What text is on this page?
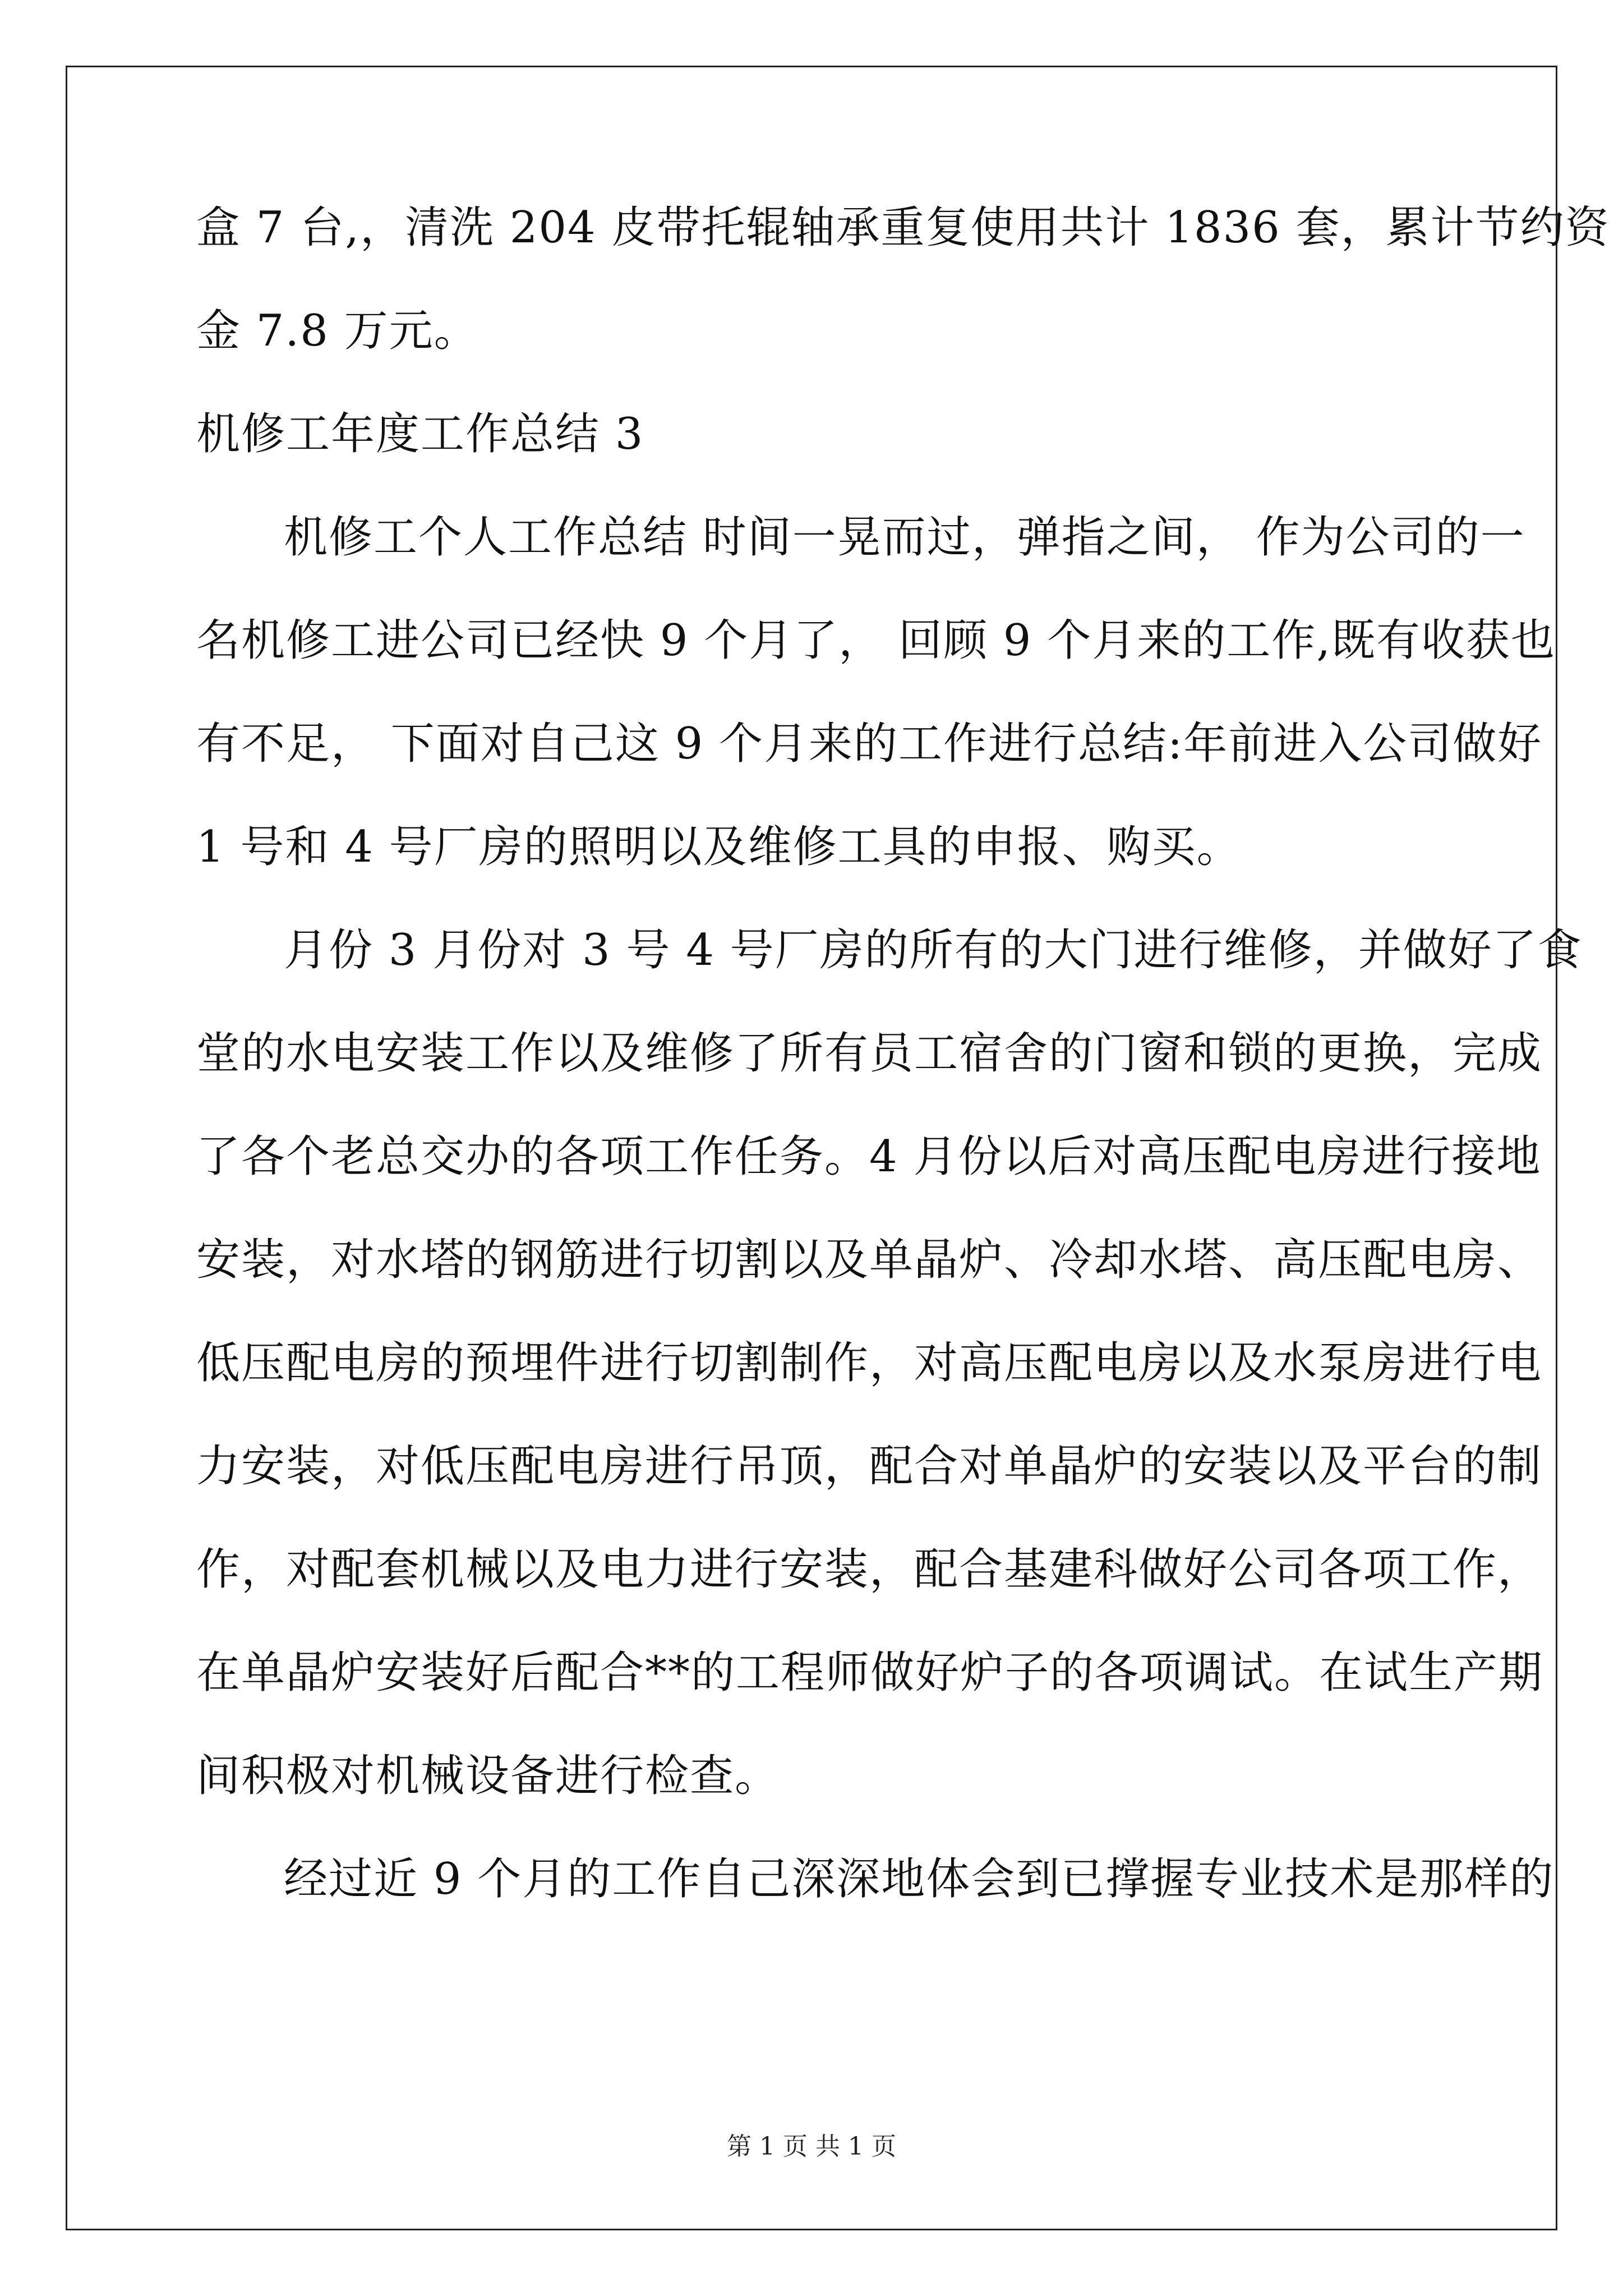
盒 7 台,，清洗 204 皮带托辊轴承重复使用共计 1836 套，累计节约资
金 7.8 万元。
机修工年度工作总结 3
机修工个人工作总结 时间一晃而过，弹指之间， 作为公司的一
名机修工进公司已经快 9 个月了， 回顾 9 个月来的工作,既有收获也
有不足， 下面对自己这 9 个月来的工作进行总结:年前进入公司做好
1 号和 4 号厂房的照明以及维修工具的申报、购买。
月份 3 月份对 3 号 4 号厂房的所有的大门进行维修，并做好了食
堂的水电安装工作以及维修了所有员工宿舍的门窗和锁的更换，完成
了各个老总交办的各项工作任务。4 月份以后对高压配电房进行接地
安装，对水塔的钢筋进行切割以及单晶炉、冷却水塔、高压配电房、
低压配电房的预埋件进行切割制作，对高压配电房以及水泵房进行电
力安装，对低压配电房进行吊顶，配合对单晶炉的安装以及平台的制
作，对配套机械以及电力进行安装，配合基建科做好公司各项工作，
在单晶炉安装好后配合**的工程师做好炉子的各项调试。在试生产期
间积极对机械设备进行检查。
经过近 9 个月的工作自己深深地体会到已撑握专业技术是那样的
第 1 页 共 1 页
